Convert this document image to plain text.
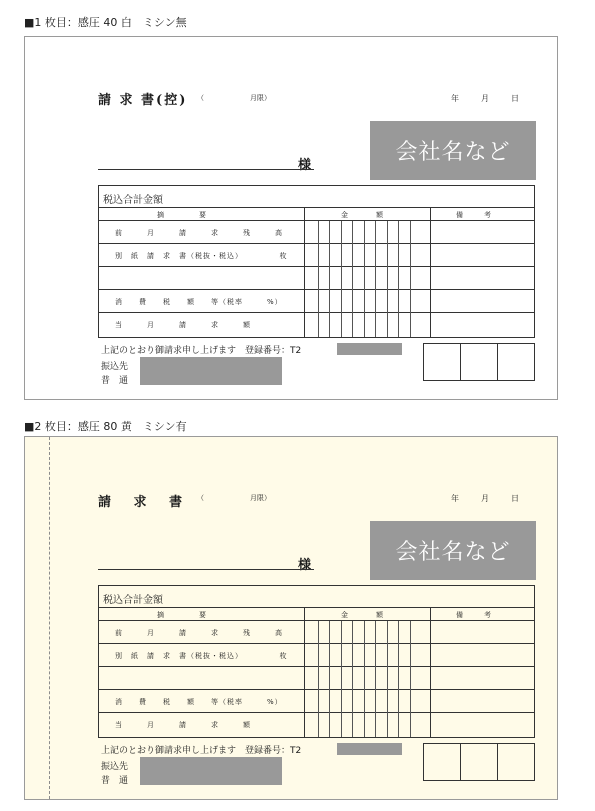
■1 枚目：感圧 40 白　ミシン無
請 求 書(控) （	月限）	年	月	日
会社名など
様
税込合計金額
摘　　　　　要	金　　　　額	備　　　考
前　　　月　　　請　　　求　　　残　　　高
別　紙　請　求　書（税抜・税込）　　　　　枚
消　　費　　税　　額　　等（税率　　　%）
当　　　月　　　請　　　求　　　額
上記のとおり御請求申し上げます　登録番号：T2
振込先
普　通
■2 枚目：感圧 80 黄　ミシン有
請 求 書 （	月限）	年	月	日
会社名など
様
税込合計金額
摘　　　　　要	金　　　　額	備　　　考
前　　　月　　　請　　　求　　　残　　　高
別　紙　請　求　書（税抜・税込）　　　　　枚
消　　費　　税　　額　　等（税率　　　%）
当　　　月　　　請　　　求　　　額
上記のとおり御請求申し上げます　登録番号：T2
振込先
普　通
